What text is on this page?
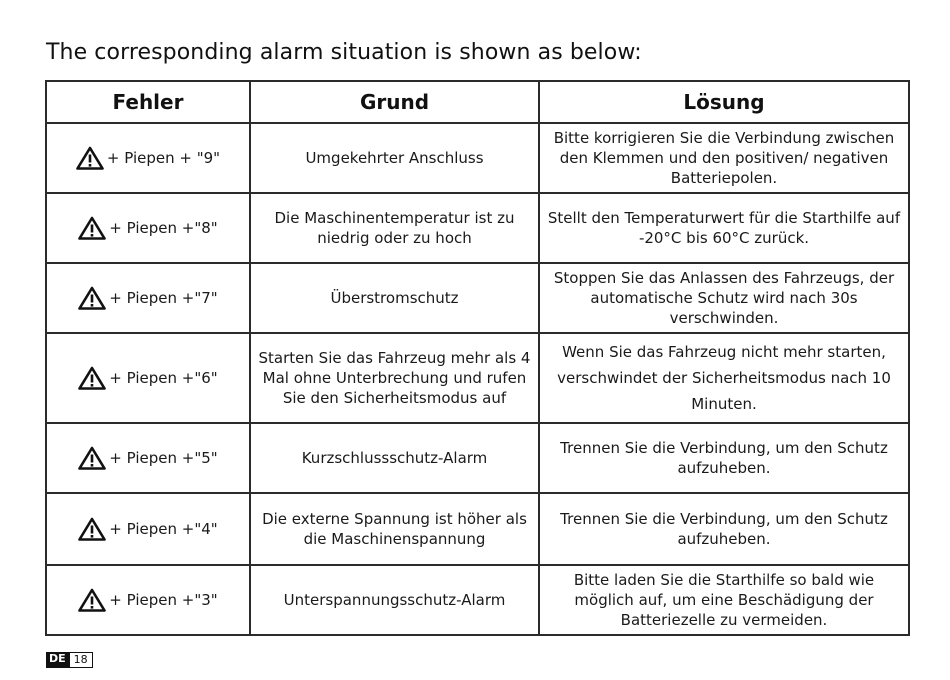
The corresponding alarm situation is shown as below:
Fehler	Grund	Lösung
+ Piepen + "9"	Umgekehrter Anschluss	Bitte korrigieren Sie die Verbindung zwischen den Klemmen und den positiven/ negativen Batteriepolen.
+ Piepen +"8"	Die Maschinentemperatur ist zu niedrig oder zu hoch	Stellt den Temperaturwert für die Starthilfe auf -20°C bis 60°C zurück.
+ Piepen +"7"	Überstromschutz	Stoppen Sie das Anlassen des Fahrzeugs, der automatische Schutz wird nach 30s verschwinden.
+ Piepen +"6"	Starten Sie das Fahrzeug mehr als 4 Mal ohne Unterbrechung und rufen Sie den Sicherheitsmodus auf	Wenn Sie das Fahrzeug nicht mehr starten, verschwindet der Sicherheitsmodus nach 10 Minuten.
+ Piepen +"5"	Kurzschlussschutz-Alarm	Trennen Sie die Verbindung, um den Schutz aufzuheben.
+ Piepen +"4"	Die externe Spannung ist höher als die Maschinenspannung	Trennen Sie die Verbindung, um den Schutz aufzuheben.
+ Piepen +"3"	Unterspannungsschutz-Alarm	Bitte laden Sie die Starthilfe so bald wie möglich auf, um eine Beschädigung der Batteriezelle zu vermeiden.
DE 18
